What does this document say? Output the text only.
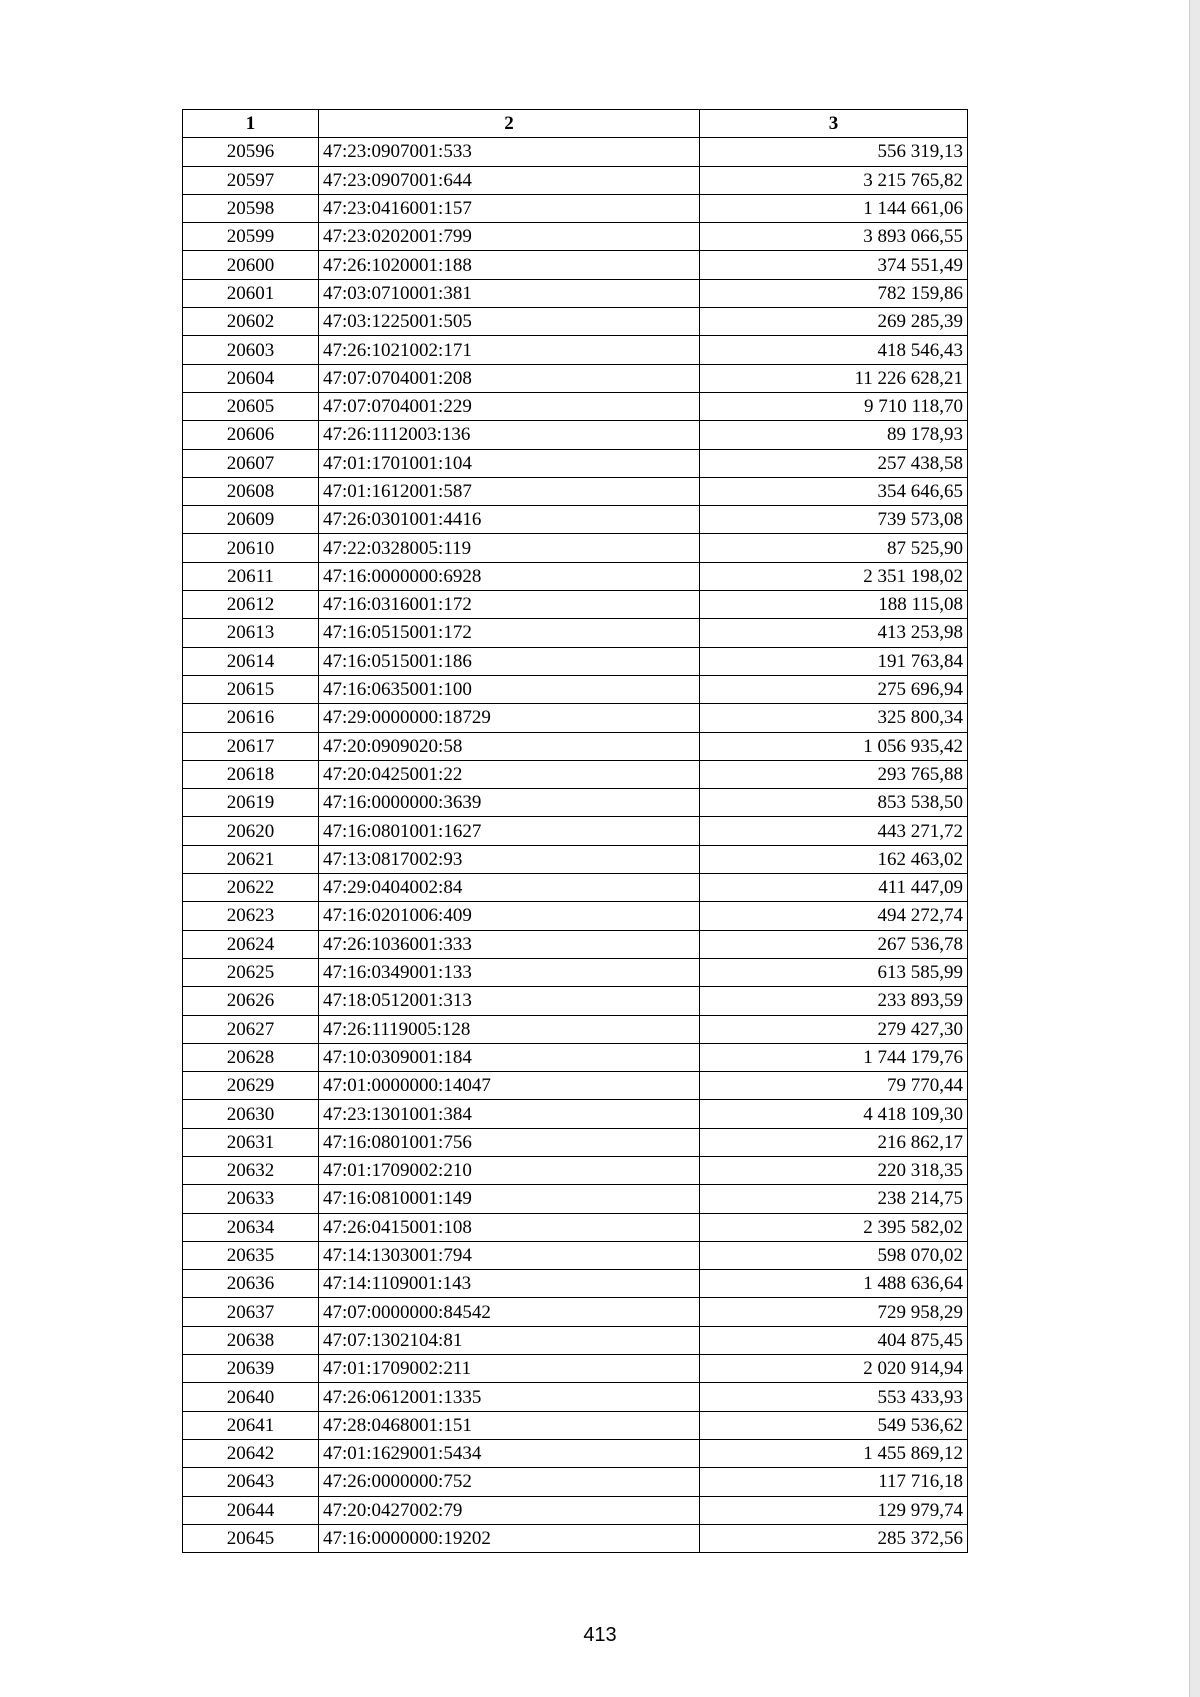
1	2	3
20596	47:23:0907001:533	556 319,13
20597	47:23:0907001:644	3 215 765,82
20598	47:23:0416001:157	1 144 661,06
20599	47:23:0202001:799	3 893 066,55
20600	47:26:1020001:188	374 551,49
20601	47:03:0710001:381	782 159,86
20602	47:03:1225001:505	269 285,39
20603	47:26:1021002:171	418 546,43
20604	47:07:0704001:208	11 226 628,21
20605	47:07:0704001:229	9 710 118,70
20606	47:26:1112003:136	89 178,93
20607	47:01:1701001:104	257 438,58
20608	47:01:1612001:587	354 646,65
20609	47:26:0301001:4416	739 573,08
20610	47:22:0328005:119	87 525,90
20611	47:16:0000000:6928	2 351 198,02
20612	47:16:0316001:172	188 115,08
20613	47:16:0515001:172	413 253,98
20614	47:16:0515001:186	191 763,84
20615	47:16:0635001:100	275 696,94
20616	47:29:0000000:18729	325 800,34
20617	47:20:0909020:58	1 056 935,42
20618	47:20:0425001:22	293 765,88
20619	47:16:0000000:3639	853 538,50
20620	47:16:0801001:1627	443 271,72
20621	47:13:0817002:93	162 463,02
20622	47:29:0404002:84	411 447,09
20623	47:16:0201006:409	494 272,74
20624	47:26:1036001:333	267 536,78
20625	47:16:0349001:133	613 585,99
20626	47:18:0512001:313	233 893,59
20627	47:26:1119005:128	279 427,30
20628	47:10:0309001:184	1 744 179,76
20629	47:01:0000000:14047	79 770,44
20630	47:23:1301001:384	4 418 109,30
20631	47:16:0801001:756	216 862,17
20632	47:01:1709002:210	220 318,35
20633	47:16:0810001:149	238 214,75
20634	47:26:0415001:108	2 395 582,02
20635	47:14:1303001:794	598 070,02
20636	47:14:1109001:143	1 488 636,64
20637	47:07:0000000:84542	729 958,29
20638	47:07:1302104:81	404 875,45
20639	47:01:1709002:211	2 020 914,94
20640	47:26:0612001:1335	553 433,93
20641	47:28:0468001:151	549 536,62
20642	47:01:1629001:5434	1 455 869,12
20643	47:26:0000000:752	117 716,18
20644	47:20:0427002:79	129 979,74
20645	47:16:0000000:19202	285 372,56
413
